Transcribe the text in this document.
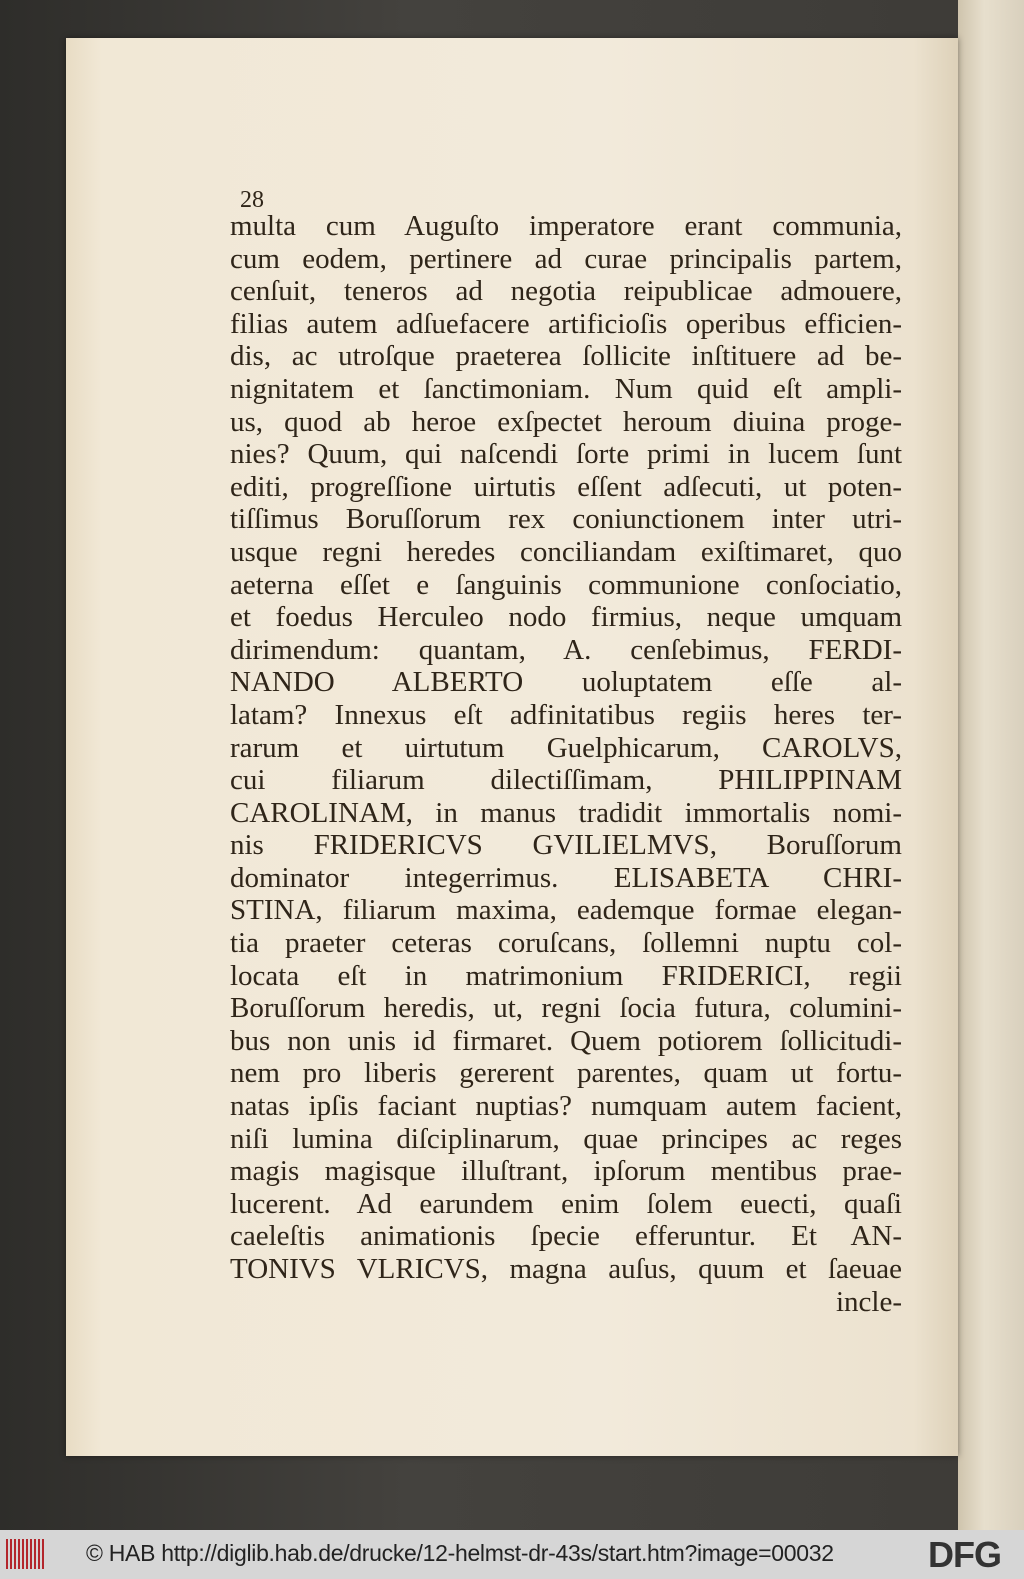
28
multa cum Auguſto imperatore erant communia,
cum eodem, pertinere ad curae principalis partem,
cenſuit, teneros ad negotia reipublicae admouere,
filias autem adſuefacere artificioſis operibus efficien-
dis, ac utroſque praeterea ſollicite inſtituere ad be-
nignitatem et ſanctimoniam. Num quid eſt ampli-
us, quod ab heroe exſpectet heroum diuina proge-
nies? Quum, qui naſcendi ſorte primi in lucem ſunt
editi, progreſſione uirtutis eſſent adſecuti, ut poten-
tiſſimus Boruſſorum rex coniunctionem inter utri-
usque regni heredes conciliandam exiſtimaret, quo
aeterna eſſet e ſanguinis communione conſociatio,
et foedus Herculeo nodo firmius, neque umquam
dirimendum: quantam, A. cenſebimus, FERDI-
NANDO ALBERTO uoluptatem eſſe al-
latam? Innexus eſt adfinitatibus regiis heres ter-
rarum et uirtutum Guelphicarum, CAROLVS,
cui filiarum dilectiſſimam, PHILIPPINAM
CAROLINAM, in manus tradidit immortalis nomi-
nis FRIDERICVS GVILIELMVS, Boruſſorum
dominator integerrimus. ELISABETA CHRI-
STINA, filiarum maxima, eademque formae elegan-
tia praeter ceteras coruſcans, ſollemni nuptu col-
locata eſt in matrimonium FRIDERICI, regii
Boruſſorum heredis, ut, regni ſocia futura, columini-
bus non unis id firmaret. Quem potiorem ſollicitudi-
nem pro liberis gererent parentes, quam ut fortu-
natas ipſis faciant nuptias? numquam autem facient,
niſi lumina diſciplinarum, quae principes ac reges
magis magisque illuſtrant, ipſorum mentibus prae-
lucerent. Ad earundem enim ſolem euecti, quaſi
caeleſtis animationis ſpecie efferuntur. Et AN-
TONIVS VLRICVS, magna auſus, quum et ſaeuae
incle-
© HAB http://diglib.hab.de/drucke/12-helmst-dr-43s/start.htm?image=00032	DFG
